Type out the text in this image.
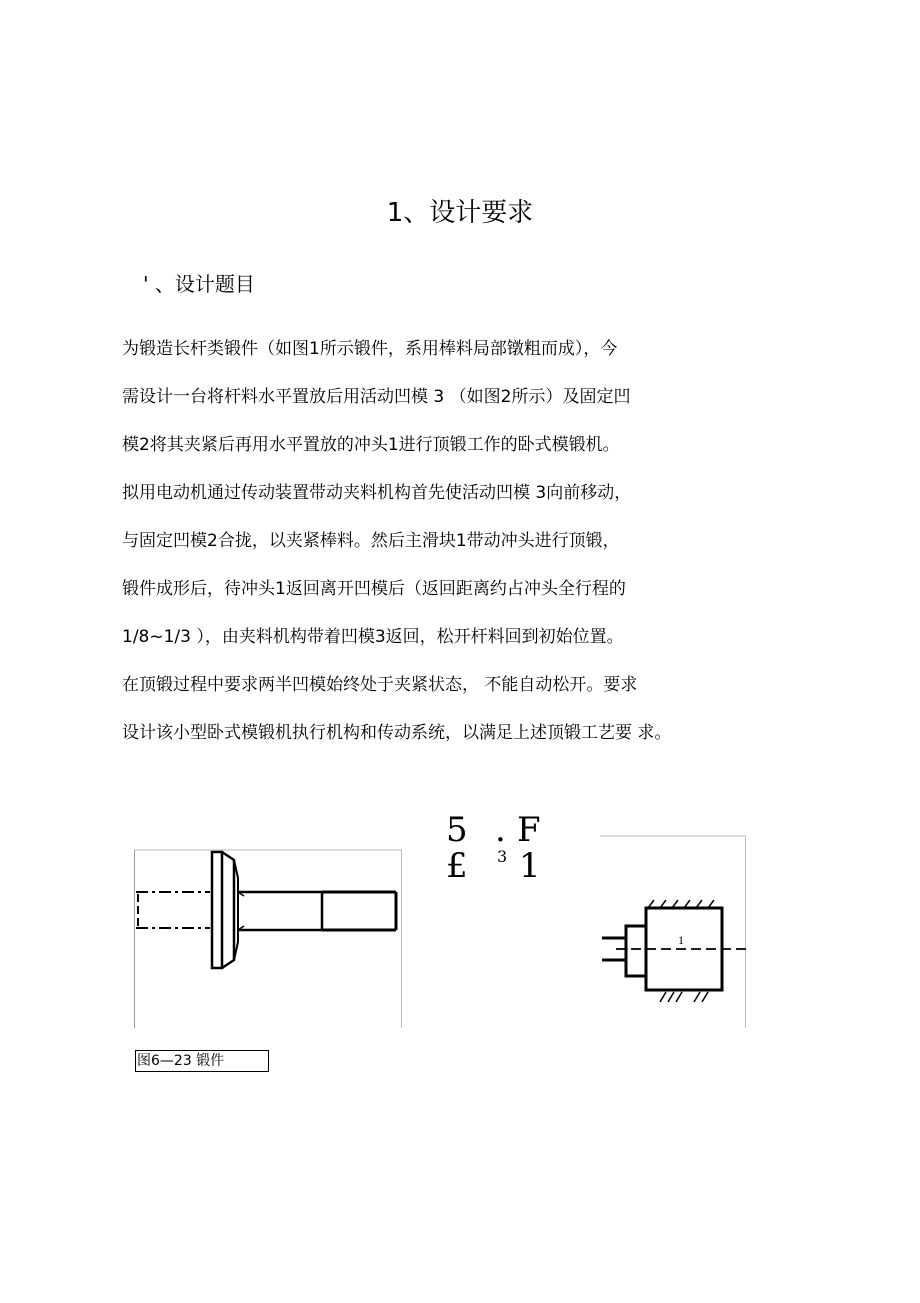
1、设计要求
' 、设计题目
为锻造长杆类锻件（如图1所示锻件，系用棒料局部镦粗而成），今
需设计一台将杆料水平置放后用活动凹模 3 （如图2所示）及固定凹
模2将其夹紧后再用水平置放的冲头1进行顶锻工作的卧式模锻机。
拟用电动机通过传动装置带动夹料机构首先使活动凹模 3向前移动，
与固定凹模2合拢，以夹紧棒料。然后主滑块1带动冲头进行顶锻，
锻件成形后，待冲头1返回离开凹模后（返回距离约占冲头全行程的
1/8~1/3 ），由夹料机构带着凹模3返回，松开杆料回到初始位置。
在顶锻过程中要求两半凹模始终处于夹紧状态， 不能自动松开。要求
设计该小型卧式模锻机执行机构和传动系统，以满足上述顶锻工艺要 求。
5 . F
£ 3 1
1
图6—23 锻件
